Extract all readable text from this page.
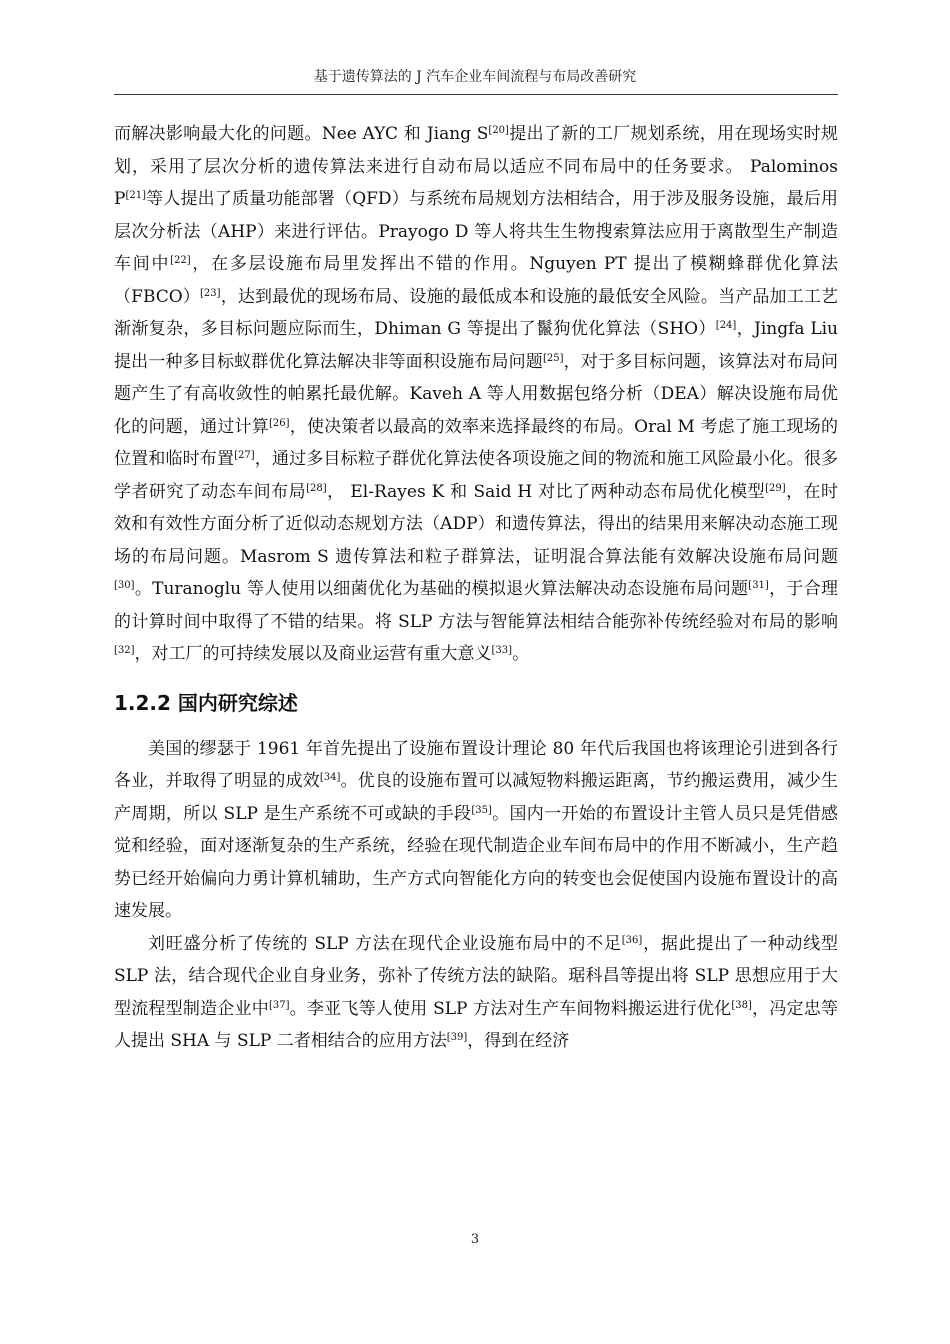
基于遗传算法的 J 汽车企业车间流程与布局改善研究

而解决影响最大化的问题。Nee AYC 和 Jiang S[20]提出了新的工厂规划系统，用在现场实时规划，采用了层次分析的遗传算法来进行自动布局以适应不同布局中的任务要求。 Palominos P[21]等人提出了质量功能部署（QFD）与系统布局规划方法相结合，用于涉及服务设施，最后用层次分析法（AHP）来进行评估。Prayogo D 等人将共生生物搜索算法应用于离散型生产制造车间中[22]，在多层设施布局里发挥出不错的作用。Nguyen PT 提出了模糊蜂群优化算法（FBCO）[23]，达到最优的现场布局、设施的最低成本和设施的最低安全风险。当产品加工工艺渐渐复杂，多目标问题应际而生，Dhiman G 等提出了鬣狗优化算法（SHO）[24]，Jingfa Liu 提出一种多目标蚁群优化算法解决非等面积设施布局问题[25]，对于多目标问题，该算法对布局问题产生了有高收敛性的帕累托最优解。Kaveh A 等人用数据包络分析（DEA）解决设施布局优化的问题，通过计算[26]，使决策者以最高的效率来选择最终的布局。Oral M 考虑了施工现场的位置和临时布置[27]，通过多目标粒子群优化算法使各项设施之间的物流和施工风险最小化。很多学者研究了动态车间布局[28]， El-Rayes K 和 Said H 对比了两种动态布局优化模型[29]，在时效和有效性方面分析了近似动态规划方法（ADP）和遗传算法，得出的结果用来解决动态施工现场的布局问题。Masrom S 遗传算法和粒子群算法，证明混合算法能有效解决设施布局问题[30]。Turanoglu 等人使用以细菌优化为基础的模拟退火算法解决动态设施布局问题[31]，于合理的计算时间中取得了不错的结果。将 SLP 方法与智能算法相结合能弥补传统经验对布局的影响[32]，对工厂的可持续发展以及商业运营有重大意义[33]。

1.2.2 国内研究综述

美国的缪瑟于 1961 年首先提出了设施布置设计理论 80 年代后我国也将该理论引进到各行各业，并取得了明显的成效[34]。优良的设施布置可以减短物料搬运距离，节约搬运费用，减少生产周期，所以 SLP 是生产系统不可或缺的手段[35]。国内一开始的布置设计主管人员只是凭借感觉和经验，面对逐渐复杂的生产系统，经验在现代制造企业车间布局中的作用不断减小，生产趋势已经开始偏向力勇计算机辅助，生产方式向智能化方向的转变也会促使国内设施布置设计的高速发展。

刘旺盛分析了传统的 SLP 方法在现代企业设施布局中的不足[36]，据此提出了一种动线型 SLP 法，结合现代企业自身业务，弥补了传统方法的缺陷。琚科昌等提出将 SLP 思想应用于大型流程型制造企业中[37]。李亚飞等人使用 SLP 方法对生产车间物料搬运进行优化[38]，冯定忠等人提出 SHA 与 SLP 二者相结合的应用方法[39]，得到在经济

3
